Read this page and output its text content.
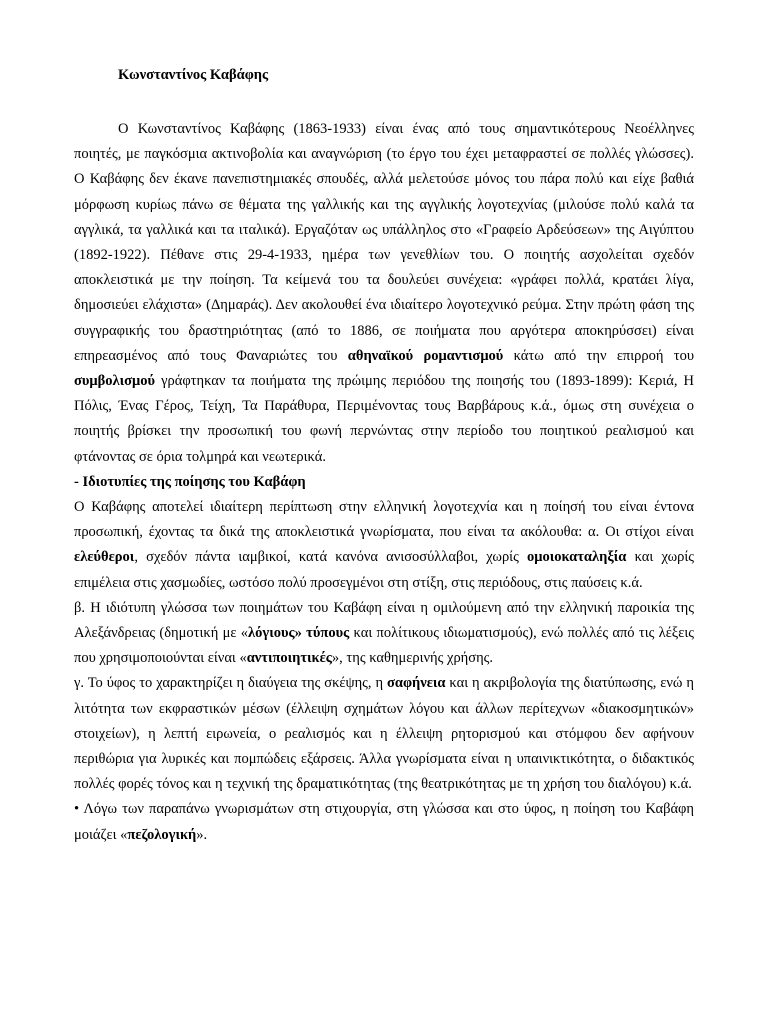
Κωνσταντίνος Καβάφης

Ο Κωνσταντίνος Καβάφης (1863-1933) είναι ένας από τους σημαντικότερους Νεοέλληνες ποιητές, με παγκόσμια ακτινοβολία και αναγνώριση (το έργο του έχει μεταφραστεί σε πολλές γλώσσες). Ο Καβάφης δεν έκανε πανεπιστημιακές σπουδές, αλλά μελετούσε μόνος του πάρα πολύ και είχε βαθιά μόρφωση κυρίως πάνω σε θέματα της γαλλικής και της αγγλικής λογοτεχνίας (μιλούσε πολύ καλά τα αγγλικά, τα γαλλικά και τα ιταλικά). Εργαζόταν ως υπάλληλος στο «Γραφείο Αρδεύσεων» της Αιγύπτου (1892-1922). Πέθανε στις 29-4-1933, ημέρα των γενεθλίων του. Ο ποιητής ασχολείται σχεδόν αποκλειστικά με την ποίηση. Τα κείμενά του τα δουλεύει συνέχεια: «γράφει πολλά, κρατάει λίγα, δημοσιεύει ελάχιστα» (Δημαράς). Δεν ακολουθεί ένα ιδιαίτερο λογοτεχνικό ρεύμα. Στην πρώτη φάση της συγγραφικής του δραστηριότητας (από το 1886, σε ποιήματα που αργότερα αποκηρύσσει) είναι επηρεασμένος από τους Φαναριώτες του αθηναϊκού ρομαντισμού κάτω από την επιρροή του συμβολισμού γράφτηκαν τα ποιήματα της πρώιμης περιόδου της ποιησής του (1893-1899): Κεριά, Η Πόλις, Ένας Γέρος, Τείχη, Τα Παράθυρα, Περιμένοντας τους Βαρβάρους κ.ά., όμως στη συνέχεια ο ποιητής βρίσκει την προσωπική του φωνή περνώντας στην περίοδο του ποιητικού ρεαλισμού και φτάνοντας σε όρια τολμηρά και νεωτερικά.

- Ιδιοτυπίες της ποίησης του Καβάφη

Ο Καβάφης αποτελεί ιδιαίτερη περίπτωση στην ελληνική λογοτεχνία και η ποίησή του είναι έντονα προσωπική, έχοντας τα δικά της αποκλειστικά γνωρίσματα, που είναι τα ακόλουθα: α. Οι στίχοι είναι ελεύθεροι, σχεδόν πάντα ιαμβικοί, κατά κανόνα ανισοσύλλαβοι, χωρίς ομοιοκαταληξία και χωρίς επιμέλεια στις χασμωδίες, ωστόσο πολύ προσεγμένοι στη στίξη, στις περιόδους, στις παύσεις κ.ά.

β. Η ιδιότυπη γλώσσα των ποιημάτων του Καβάφη είναι η ομιλούμενη από την ελληνική παροικία της Αλεξάνδρειας (δημοτική με «λόγιους» τύπους και πολίτικους ιδιωματισμούς), ενώ πολλές από τις λέξεις που χρησιμοποιούνται είναι «αντιποιητικές», της καθημερινής χρήσης.

γ. Το ύφος το χαρακτηρίζει η διαύγεια της σκέψης, η σαφήνεια και η ακριβολογία της διατύπωσης, ενώ η λιτότητα των εκφραστικών μέσων (έλλειψη σχημάτων λόγου και άλλων περίτεχνων «διακοσμητικών» στοιχείων), η λεπτή ειρωνεία, ο ρεαλισμός και η έλλειψη ρητορισμού και στόμφου δεν αφήνουν περιθώρια για λυρικές και πομπώδεις εξάρσεις. Άλλα γνωρίσματα είναι η υπαινικτικότητα, ο διδακτικός πολλές φορές τόνος και η τεχνική της δραματικότητας (της θεατρικότητας με τη χρήση του διαλόγου) κ.ά.

• Λόγω των παραπάνω γνωρισμάτων στη στιχουργία, στη γλώσσα και στο ύφος, η ποίηση του Καβάφη μοιάζει «πεζολογική».
